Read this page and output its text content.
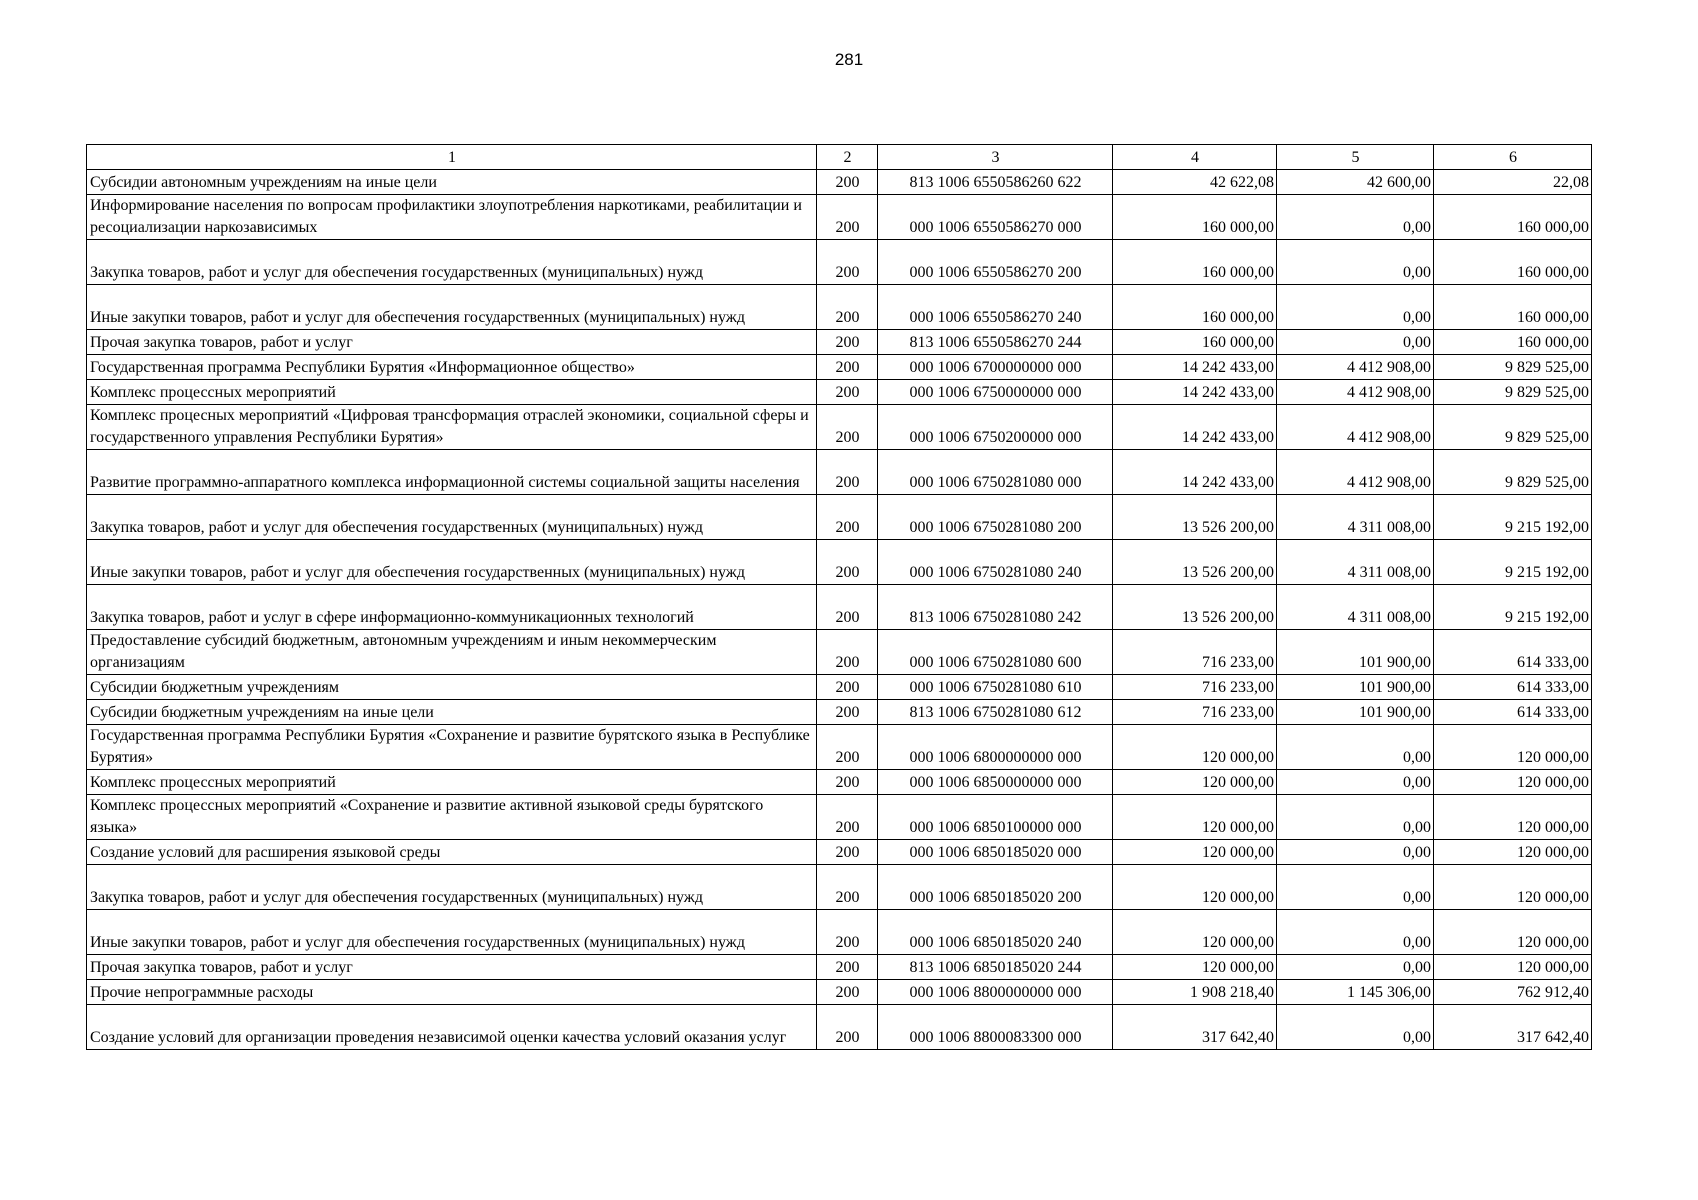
281
1	2	3	4	5	6
Субсидии автономным учреждениям на иные цели	200	813 1006 6550586260 622	42 622,08	42 600,00	22,08
Информирование населения по вопросам профилактики злоупотребления наркотиками, реабилитации и ресоциализации наркозависимых	200	000 1006 6550586270 000	160 000,00	0,00	160 000,00
Закупка товаров, работ и услуг для обеспечения государственных (муниципальных) нужд	200	000 1006 6550586270 200	160 000,00	0,00	160 000,00
Иные закупки товаров, работ и услуг для обеспечения государственных (муниципальных) нужд	200	000 1006 6550586270 240	160 000,00	0,00	160 000,00
Прочая закупка товаров, работ и услуг	200	813 1006 6550586270 244	160 000,00	0,00	160 000,00
Государственная программа Республики Бурятия «Информационное общество»	200	000 1006 6700000000 000	14 242 433,00	4 412 908,00	9 829 525,00
Комплекс процессных мероприятий	200	000 1006 6750000000 000	14 242 433,00	4 412 908,00	9 829 525,00
Комплекс процесных мероприятий «Цифровая трансформация отраслей экономики, социальной сферы и государственного управления Республики Бурятия»	200	000 1006 6750200000 000	14 242 433,00	4 412 908,00	9 829 525,00
Развитие программно-аппаратного комплекса информационной системы социальной защиты населения	200	000 1006 6750281080 000	14 242 433,00	4 412 908,00	9 829 525,00
Закупка товаров, работ и услуг для обеспечения государственных (муниципальных) нужд	200	000 1006 6750281080 200	13 526 200,00	4 311 008,00	9 215 192,00
Иные закупки товаров, работ и услуг для обеспечения государственных (муниципальных) нужд	200	000 1006 6750281080 240	13 526 200,00	4 311 008,00	9 215 192,00
Закупка товаров, работ и услуг в сфере информационно-коммуникационных технологий	200	813 1006 6750281080 242	13 526 200,00	4 311 008,00	9 215 192,00
Предоставление субсидий бюджетным, автономным учреждениям и иным некоммерческим организациям	200	000 1006 6750281080 600	716 233,00	101 900,00	614 333,00
Субсидии бюджетным учреждениям	200	000 1006 6750281080 610	716 233,00	101 900,00	614 333,00
Субсидии бюджетным учреждениям на иные цели	200	813 1006 6750281080 612	716 233,00	101 900,00	614 333,00
Государственная программа Республики Бурятия «Сохранение и развитие бурятского языка в Республике Бурятия»	200	000 1006 6800000000 000	120 000,00	0,00	120 000,00
Комплекс процессных мероприятий	200	000 1006 6850000000 000	120 000,00	0,00	120 000,00
Комплекс процессных мероприятий «Сохранение и развитие активной языковой среды бурятского языка»	200	000 1006 6850100000 000	120 000,00	0,00	120 000,00
Создание условий для расширения языковой среды	200	000 1006 6850185020 000	120 000,00	0,00	120 000,00
Закупка товаров, работ и услуг для обеспечения государственных (муниципальных) нужд	200	000 1006 6850185020 200	120 000,00	0,00	120 000,00
Иные закупки товаров, работ и услуг для обеспечения государственных (муниципальных) нужд	200	000 1006 6850185020 240	120 000,00	0,00	120 000,00
Прочая закупка товаров, работ и услуг	200	813 1006 6850185020 244	120 000,00	0,00	120 000,00
Прочие непрограммные расходы	200	000 1006 8800000000 000	1 908 218,40	1 145 306,00	762 912,40
Создание условий для организации проведения независимой оценки качества условий оказания услуг	200	000 1006 8800083300 000	317 642,40	0,00	317 642,40
